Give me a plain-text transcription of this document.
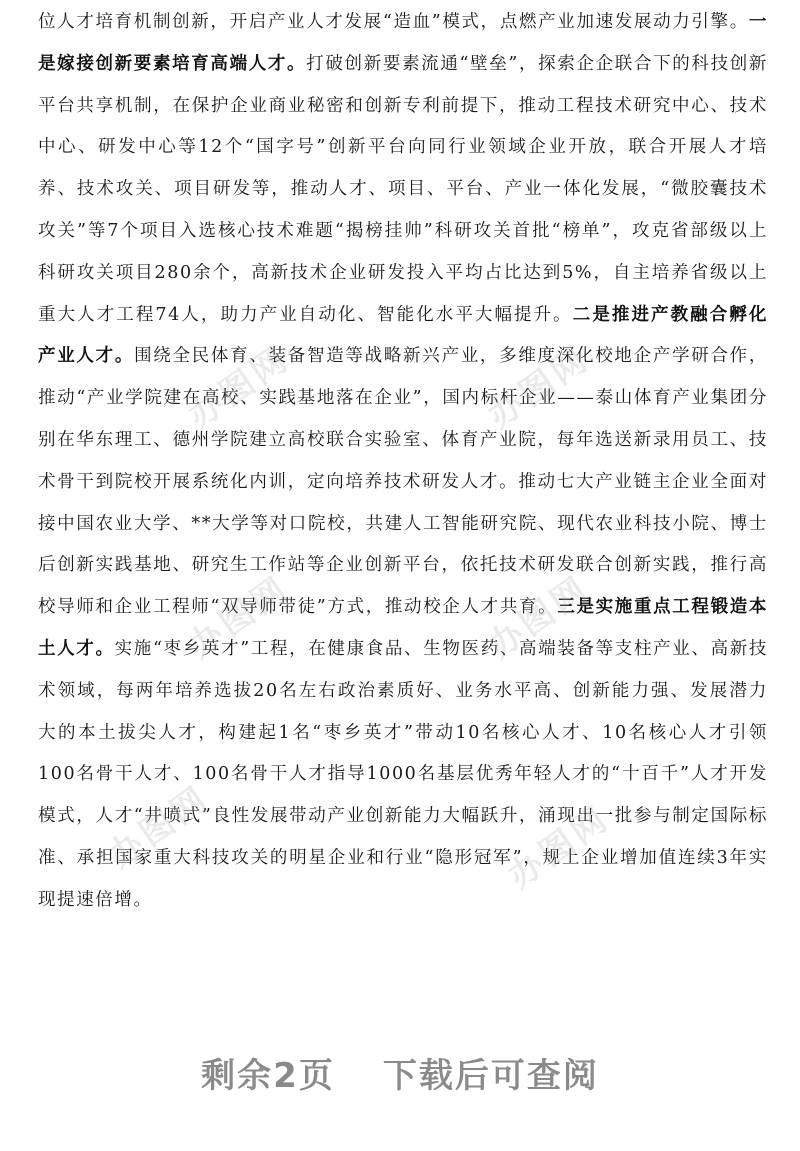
位人才培育机制创新，开启产业人才发展“造血”模式，点燃产业加速发展动力引擎。一是嫁接创新要素培育高端人才。打破创新要素流通“壁垒”，探索企企联合下的科技创新平台共享机制，在保护企业商业秘密和创新专利前提下，推动工程技术研究中心、技术中心、研发中心等12个“国字号”创新平台向同行业领域企业开放，联合开展人才培养、技术攻关、项目研发等，推动人才、项目、平台、产业一体化发展，“微胶囊技术攻关”等7个项目入选核心技术难题“揭榜挂帅”科研攻关首批“榜单”，攻克省部级以上科研攻关项目280余个，高新技术企业研发投入平均占比达到5%，自主培养省级以上重大人才工程74人，助力产业自动化、智能化水平大幅提升。二是推进产教融合孵化产业人才。围绕全民体育、装备智造等战略新兴产业，多维度深化校地企产学研合作，推动“产业学院建在高校、实践基地落在企业”，国内标杆企业——泰山体育产业集团分别在华东理工、德州学院建立高校联合实验室、体育产业院，每年选送新录用员工、技术骨干到院校开展系统化内训，定向培养技术研发人才。推动七大产业链主企业全面对接中国农业大学、**大学等对口院校，共建人工智能研究院、现代农业科技小院、博士后创新实践基地、研究生工作站等企业创新平台，依托技术研发联合创新实践，推行高校导师和企业工程师“双导师带徒”方式，推动校企人才共育。三是实施重点工程锻造本土人才。实施“枣乡英才”工程，在健康食品、生物医药、高端装备等支柱产业、高新技术领域，每两年培养选拔20名左右政治素质好、业务水平高、创新能力强、发展潜力大的本土拔尖人才，构建起1名“枣乡英才”带动10名核心人才、10名核心人才引领100名骨干人才、100名骨干人才指导1000名基层优秀年轻人才的“十百千”人才开发模式，人才“井喷式”良性发展带动产业创新能力大幅跃升，涌现出一批参与制定国际标准、承担国家重大科技攻关的明星企业和行业“隐形冠军”，规上企业增加值连续3年实现提速倍增。

办图网	办图网
办图网	办图网
办图网	办图网
剩余2页 下载后可查阅
